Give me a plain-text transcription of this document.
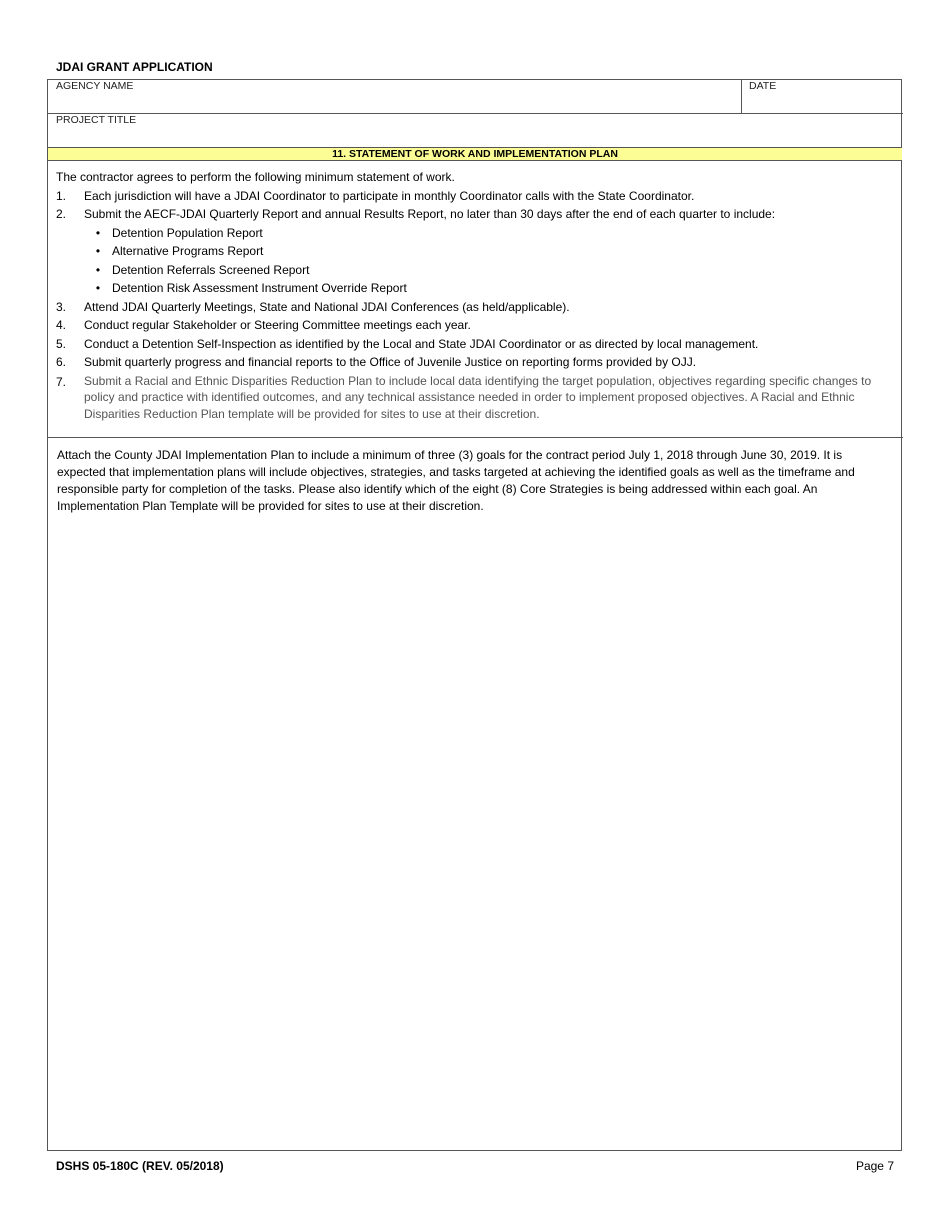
JDAI GRANT APPLICATION
AGENCY NAME	DATE
PROJECT TITLE
11. STATEMENT OF WORK AND IMPLEMENTATION PLAN
The contractor agrees to perform the following minimum statement of work.
1.	Each jurisdiction will have a JDAI Coordinator to participate in monthly Coordinator calls with the State Coordinator.
2.	Submit the AECF-JDAI Quarterly Report and annual Results Report, no later than 30 days after the end of each quarter to include:
• Detention Population Report
• Alternative Programs Report
• Detention Referrals Screened Report
• Detention Risk Assessment Instrument Override Report
3.	Attend JDAI Quarterly Meetings, State and National JDAI Conferences (as held/applicable).
4.	Conduct regular Stakeholder or Steering Committee meetings each year.
5.	Conduct a Detention Self-Inspection as identified by the Local and State JDAI Coordinator or as directed by local management.
6.	Submit quarterly progress and financial reports to the Office of Juvenile Justice on reporting forms provided by OJJ.
7.	Submit a Racial and Ethnic Disparities Reduction Plan to include local data identifying the target population, objectives regarding specific changes to policy and practice with identified outcomes, and any technical assistance needed in order to implement proposed objectives. A Racial and Ethnic Disparities Reduction Plan template will be provided for sites to use at their discretion.
Attach the County JDAI Implementation Plan to include a minimum of three (3) goals for the contract period July 1, 2018 through June 30, 2019. It is expected that implementation plans will include objectives, strategies, and tasks targeted at achieving the identified goals as well as the timeframe and responsible party for completion of the tasks. Please also identify which of the eight (8) Core Strategies is being addressed within each goal. An Implementation Plan Template will be provided for sites to use at their discretion.
DSHS 05-180C (REV. 05/2018)	Page 7
